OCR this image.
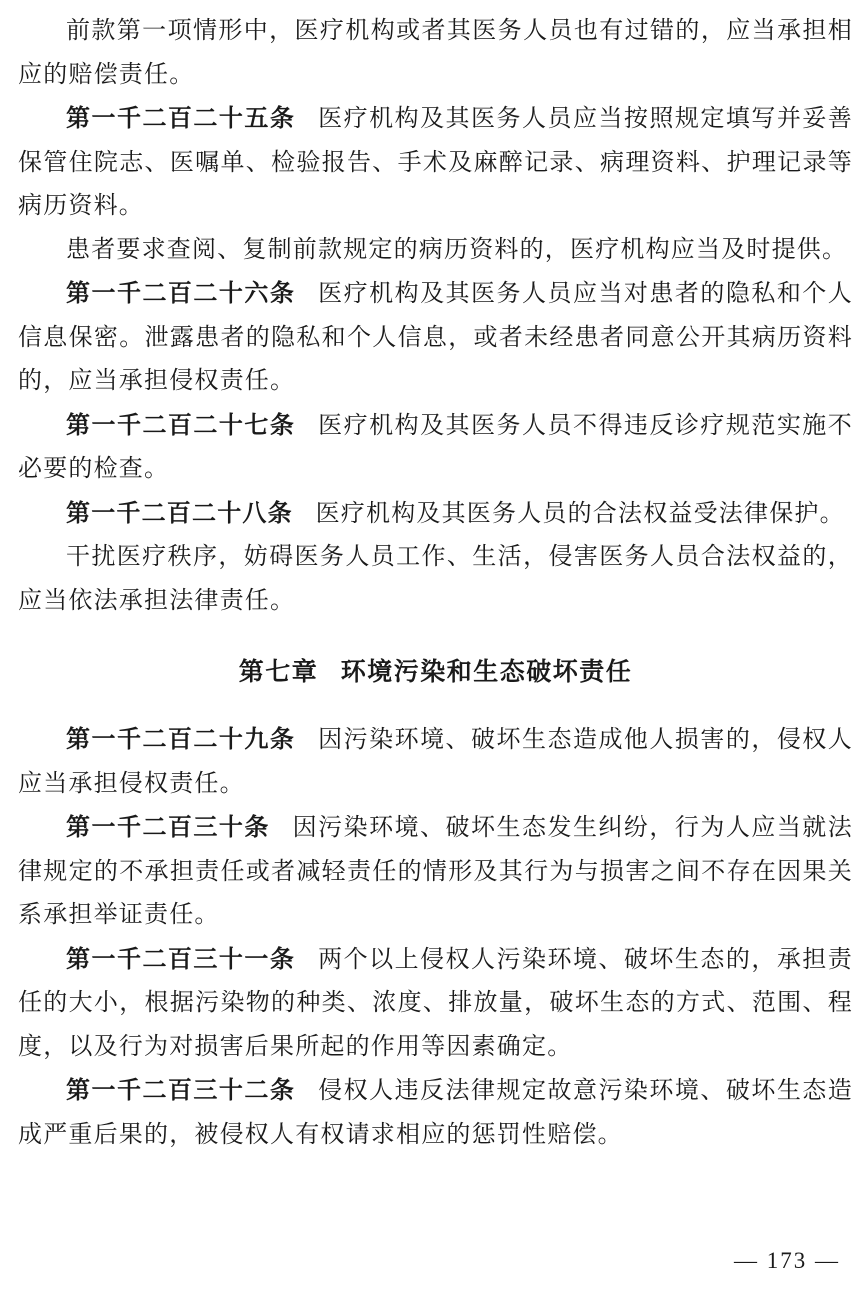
前款第一项情形中，医疗机构或者其医务人员也有过错的，应当承担相应的赔偿责任。

第一千二百二十五条 医疗机构及其医务人员应当按照规定填写并妥善保管住院志、医嘱单、检验报告、手术及麻醉记录、病理资料、护理记录等病历资料。

患者要求查阅、复制前款规定的病历资料的，医疗机构应当及时提供。

第一千二百二十六条 医疗机构及其医务人员应当对患者的隐私和个人信息保密。泄露患者的隐私和个人信息，或者未经患者同意公开其病历资料的，应当承担侵权责任。

第一千二百二十七条 医疗机构及其医务人员不得违反诊疗规范实施不必要的检查。

第一千二百二十八条 医疗机构及其医务人员的合法权益受法律保护。

干扰医疗秩序，妨碍医务人员工作、生活，侵害医务人员合法权益的，应当依法承担法律责任。

第七章 环境污染和生态破坏责任

第一千二百二十九条 因污染环境、破坏生态造成他人损害的，侵权人应当承担侵权责任。

第一千二百三十条 因污染环境、破坏生态发生纠纷，行为人应当就法律规定的不承担责任或者减轻责任的情形及其行为与损害之间不存在因果关系承担举证责任。

第一千二百三十一条 两个以上侵权人污染环境、破坏生态的，承担责任的大小，根据污染物的种类、浓度、排放量，破坏生态的方式、范围、程度，以及行为对损害后果所起的作用等因素确定。

第一千二百三十二条 侵权人违反法律规定故意污染环境、破坏生态造成严重后果的，被侵权人有权请求相应的惩罚性赔偿。

— 173 —
